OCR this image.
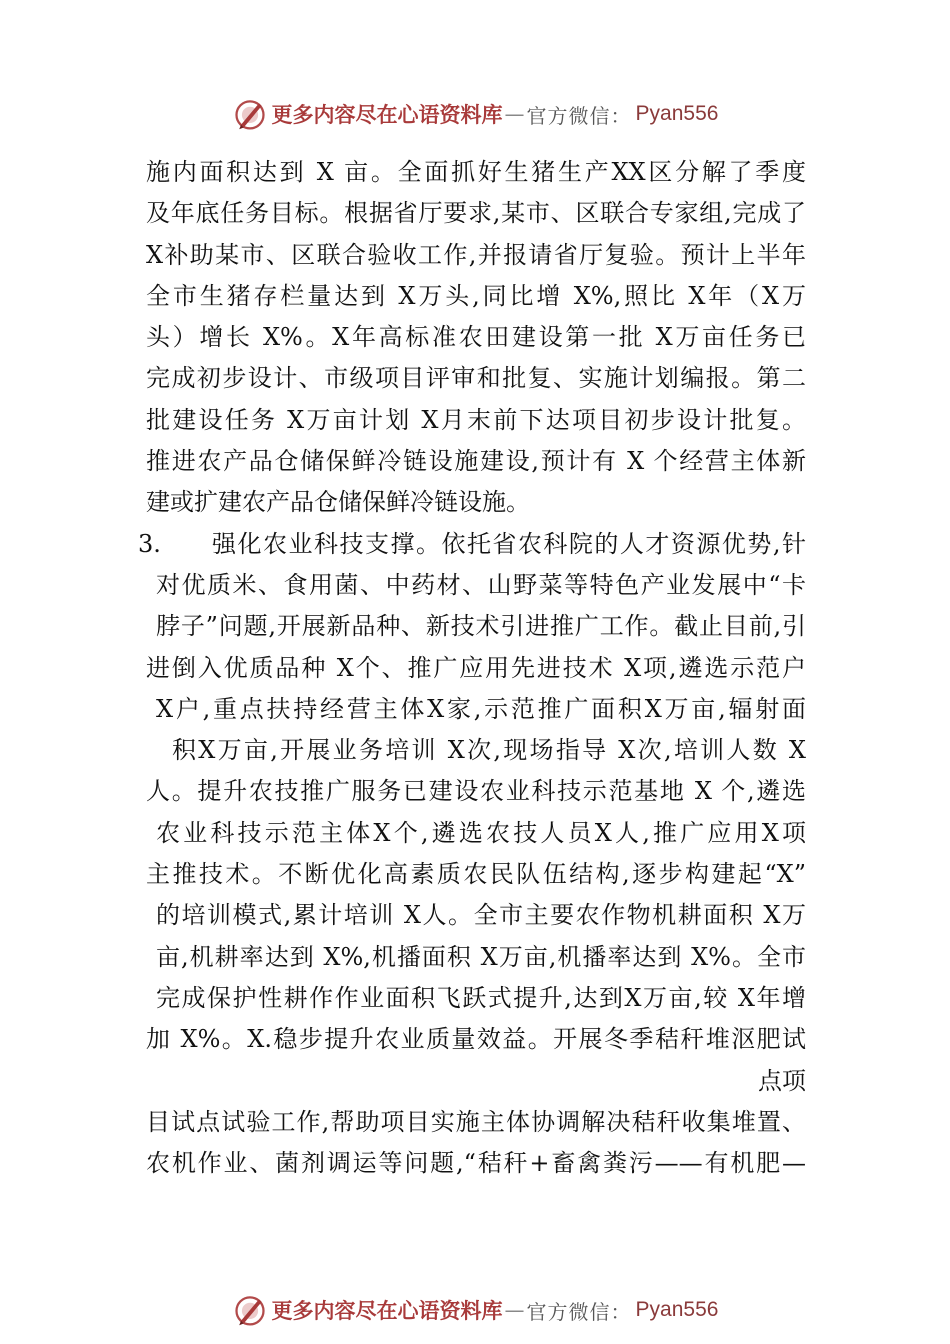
更多内容尽在心语资料库 — 官方微信： Pyan556
施内面积达到 X 亩。全面抓好生猪生产XX区分解了季度
及年底任务目标。根据省厅要求,某市、区联合专家组,完成了
X补助某市、区联合验收工作,并报请省厅复验。预计上半年
全市生猪存栏量达到 X万头,同比增 X%,照比 X年（X万
头）增长 X%。X年高标准农田建设第一批 X万亩任务已
完成初步设计、市级项目评审和批复、实施计划编报。第二
批建设任务 X万亩计划 X月末前下达项目初步设计批复。
推进农产品仓储保鲜冷链设施建设,预计有 X 个经营主体新
建或扩建农产品仓储保鲜冷链设施。
3.	强化农业科技支撑。依托省农科院的人才资源优势,针
对优质米、食用菌、中药材、山野菜等特色产业发展中“卡
脖子”问题,开展新品种、新技术引进推广工作。截止目前,引
进倒入优质品种 X个、推广应用先进技术 X项,遴选示范户
X户,重点扶持经营主体X家,示范推广面积X万亩,辐射面
积X万亩,开展业务培训 X次,现场指导 X次,培训人数 X
人。提升农技推广服务已建设农业科技示范基地 X 个,遴选
农业科技示范主体X个,遴选农技人员X人,推广应用X项
主推技术。不断优化高素质农民队伍结构,逐步构建起“X”
的培训模式,累计培训 X人。全市主要农作物机耕面积 X万
亩,机耕率达到 X%,机播面积 X万亩,机播率达到 X%。全市
完成保护性耕作作业面积飞跃式提升,达到X万亩,较 X年增
加 X%。X.稳步提升农业质量效益。开展冬季秸秆堆沤肥试
点项
目试点试验工作,帮助项目实施主体协调解决秸秆收集堆置、
农机作业、菌剂调运等问题,“秸秆+畜禽粪污——有机肥—
更多内容尽在心语资料库 — 官方微信： Pyan556
